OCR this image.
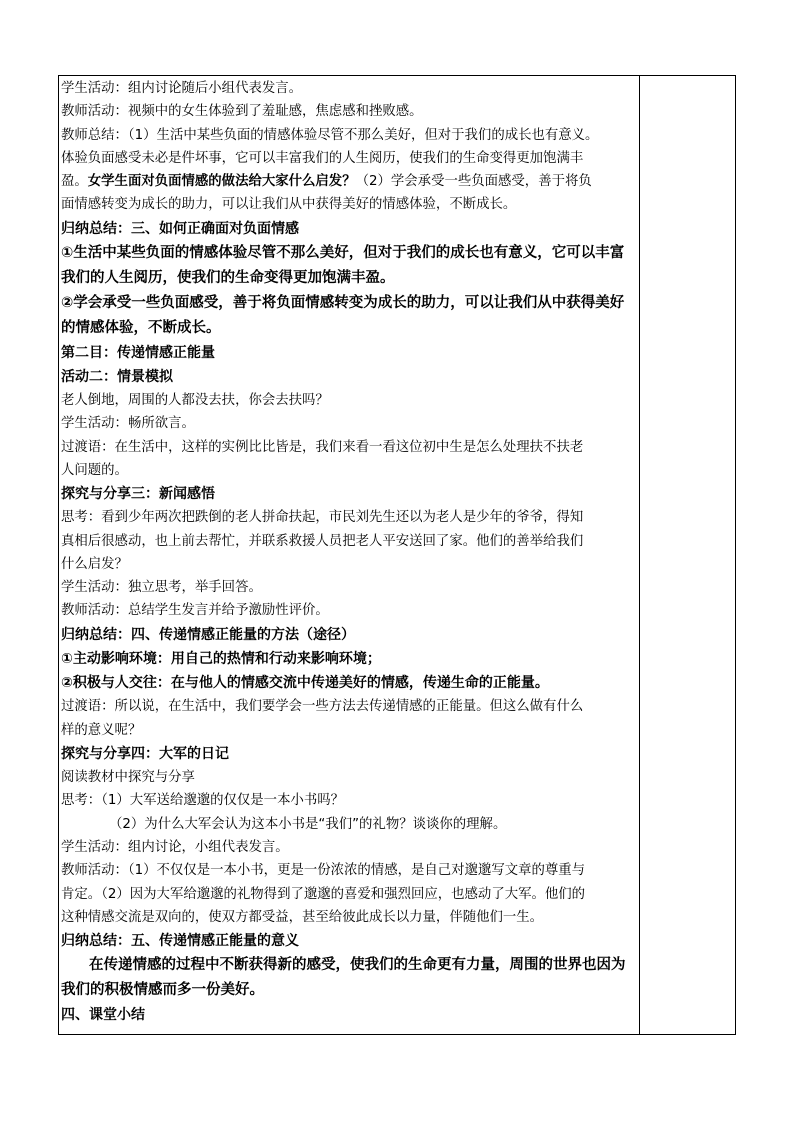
学生活动：组内讨论随后小组代表发言。
教师活动：视频中的女生体验到了羞耻感，焦虑感和挫败感。
教师总结：（1）生活中某些负面的情感体验尽管不那么美好，但对于我们的成长也有意义。
体验负面感受未必是件坏事，它可以丰富我们的人生阅历，使我们的生命变得更加饱满丰
盈。女学生面对负面情感的做法给大家什么启发？（2）学会承受一些负面感受，善于将负
面情感转变为成长的助力，可以让我们从中获得美好的情感体验，不断成长。
归纳总结：三、如何正确面对负面情感
①生活中某些负面的情感体验尽管不那么美好，但对于我们的成长也有意义，它可以丰富
我们的人生阅历，使我们的生命变得更加饱满丰盈。
②学会承受一些负面感受，善于将负面情感转变为成长的助力，可以让我们从中获得美好
的情感体验，不断成长。
第二目：传递情感正能量
活动二：情景模拟
老人倒地，周围的人都没去扶，你会去扶吗？
学生活动：畅所欲言。
过渡语：在生活中，这样的实例比比皆是，我们来看一看这位初中生是怎么处理扶不扶老
人问题的。
探究与分享三：新闻感悟
思考：看到少年两次把跌倒的老人拼命扶起，市民刘先生还以为老人是少年的爷爷，得知
真相后很感动，也上前去帮忙，并联系救援人员把老人平安送回了家。他们的善举给我们
什么启发？
学生活动：独立思考，举手回答。
教师活动：总结学生发言并给予激励性评价。
归纳总结：四、传递情感正能量的方法（途径）
①主动影响环境：用自己的热情和行动来影响环境；
②积极与人交往：在与他人的情感交流中传递美好的情感，传递生命的正能量。
过渡语：所以说，在生活中，我们要学会一些方法去传递情感的正能量。但这么做有什么
样的意义呢？
探究与分享四：大军的日记
阅读教材中探究与分享
思考：（1）大军送给邈邈的仅仅是一本小书吗？
（2）为什么大军会认为这本小书是“我们”的礼物？谈谈你的理解。
学生活动：组内讨论，小组代表发言。
教师活动：（1）不仅仅是一本小书，更是一份浓浓的情感，是自己对邈邈写文章的尊重与
肯定。（2）因为大军给邈邈的礼物得到了邈邈的喜爱和强烈回应，也感动了大军。他们的
这种情感交流是双向的，使双方都受益，甚至给彼此成长以力量，伴随他们一生。
归纳总结：五、传递情感正能量的意义
在传递情感的过程中不断获得新的感受，使我们的生命更有力量，周围的世界也因为
我们的积极情感而多一份美好。
四、课堂小结
